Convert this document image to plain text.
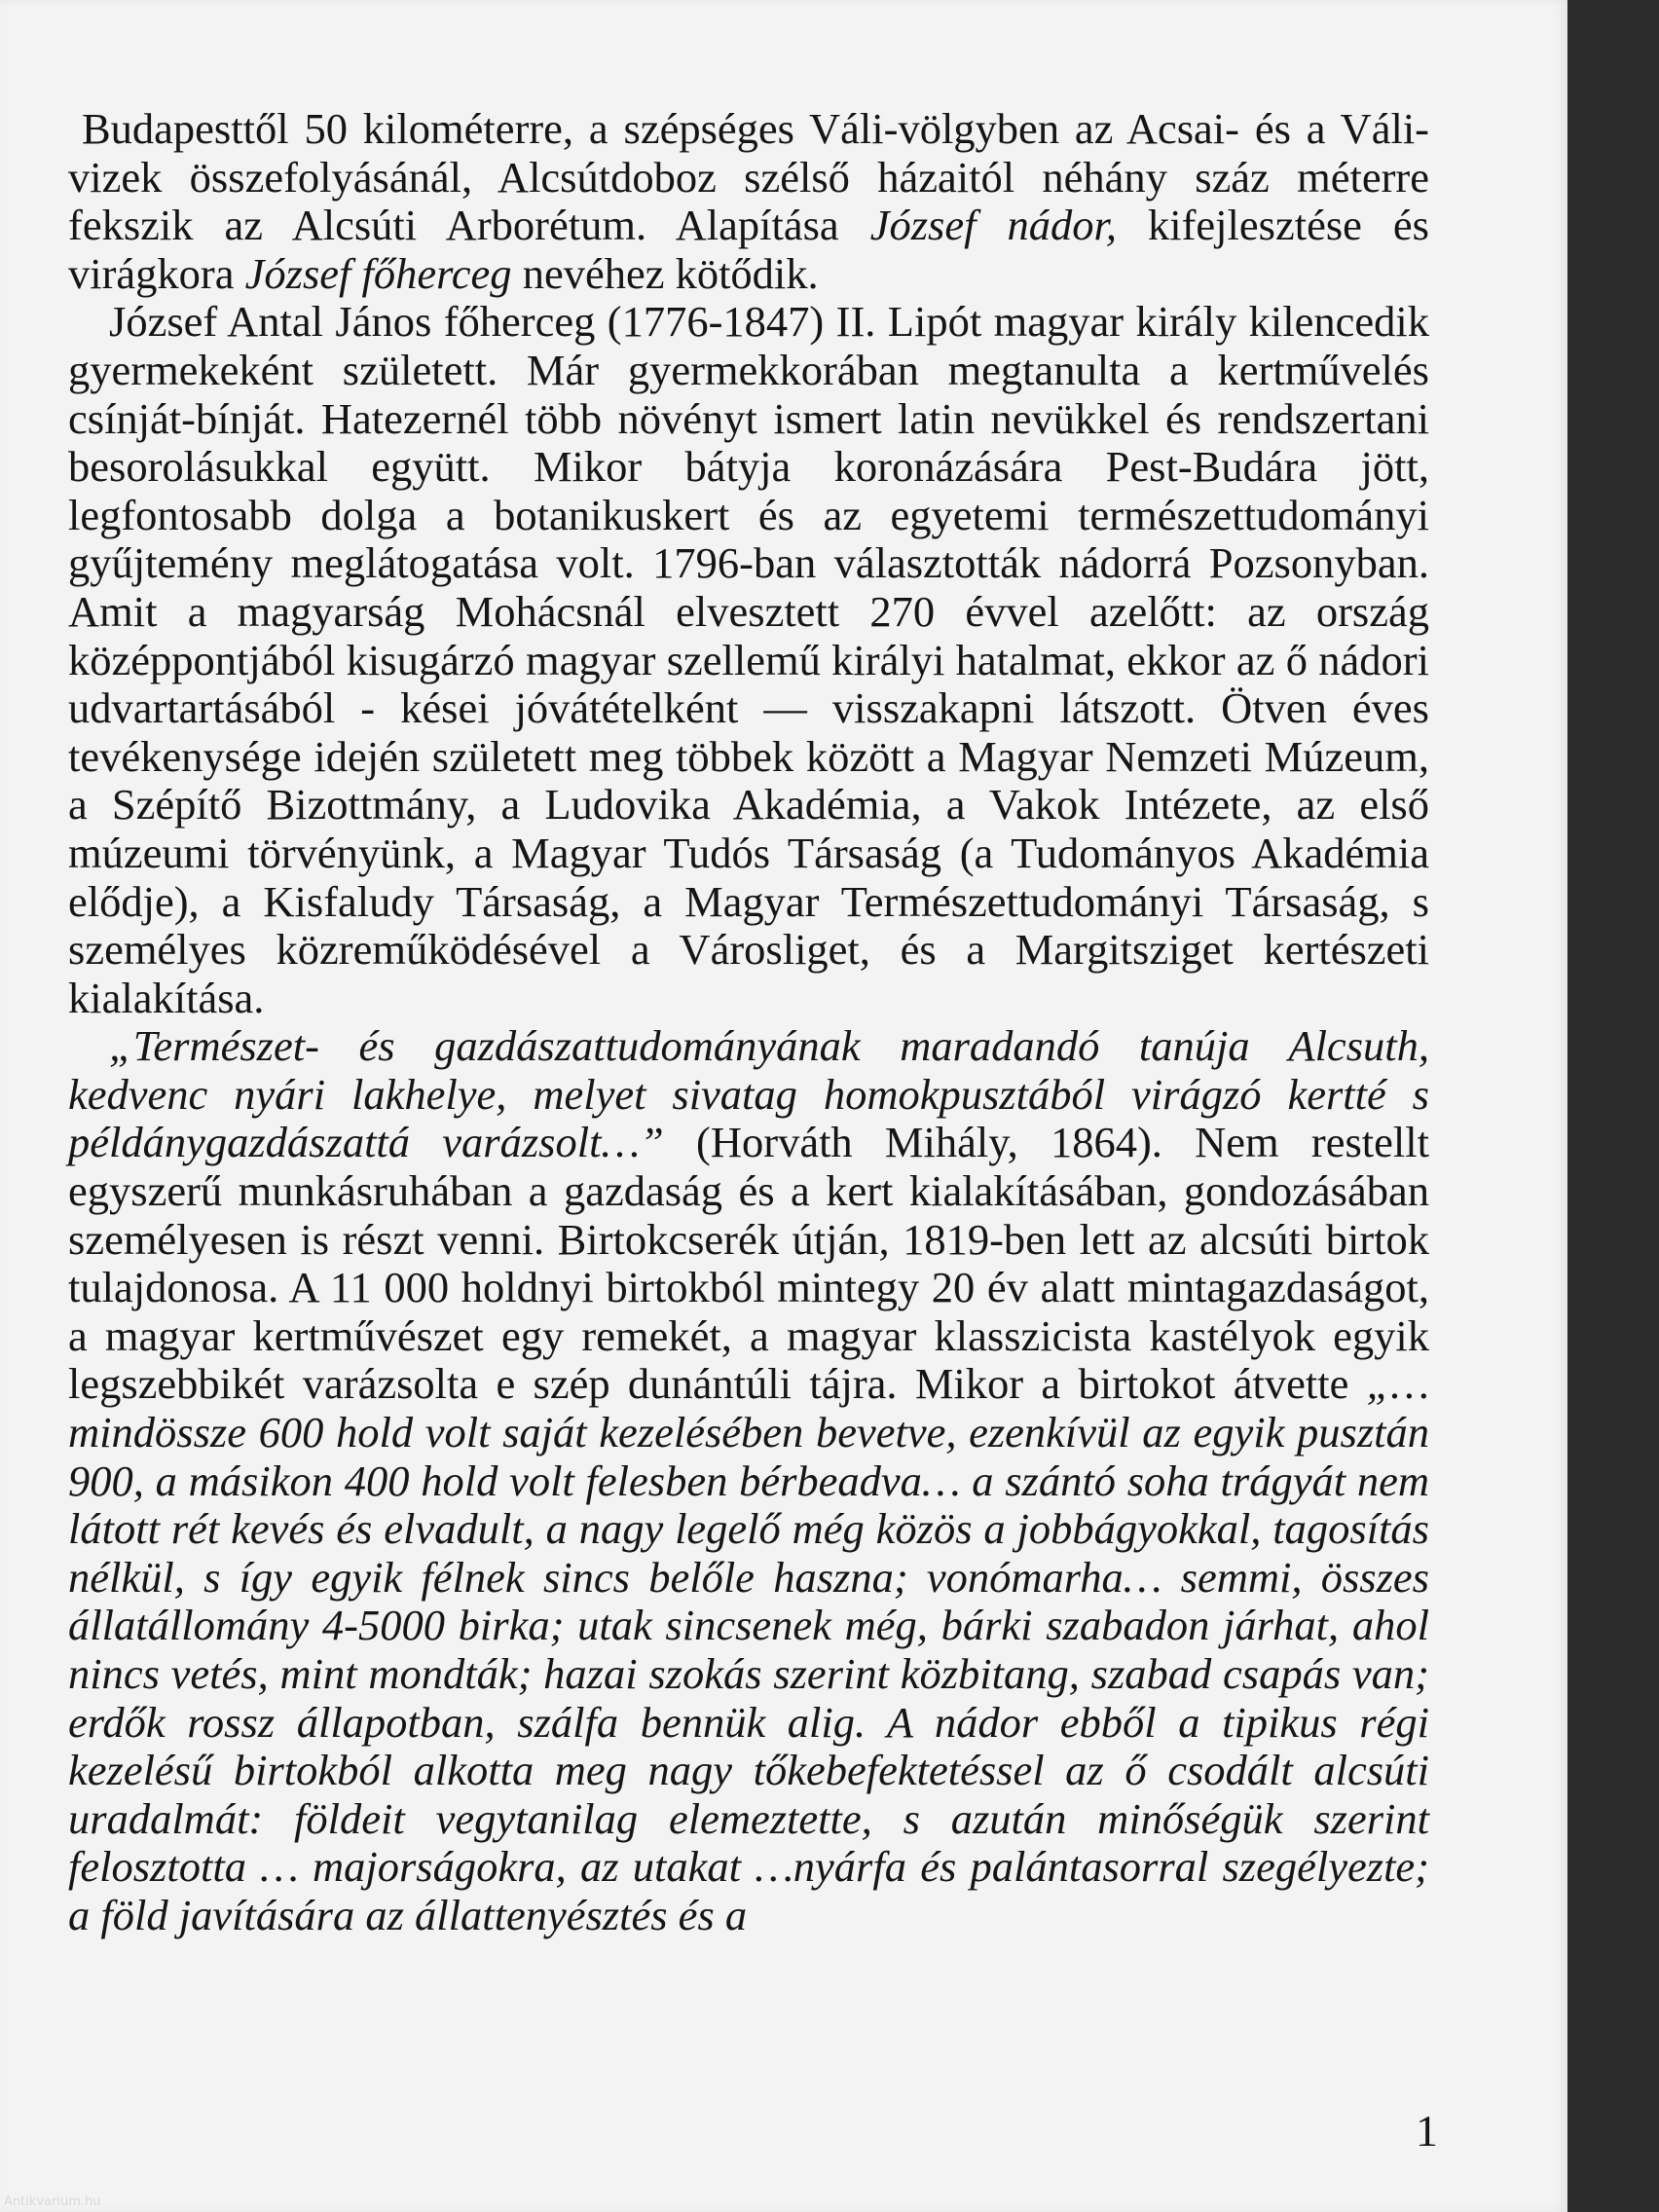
Budapesttől 50 kilométerre, a szépséges Váli-völgyben az Acsai- és a Váli-vizek összefolyásánál, Alcsútdoboz szélső házaitól néhány száz méterre fekszik az Alcsúti Arborétum. Alapítása József nádor, kifejlesztése és virágkora József főherceg nevéhez kötődik.

József Antal János főherceg (1776-1847) II. Lipót magyar király kilencedik gyermekeként született. Már gyermekkorában megtanulta a kertművelés csínját-bínját. Hatezernél több növényt ismert latin nevükkel és rendszertani besorolásukkal együtt. Mikor bátyja koronázására Pest-Budára jött, legfontosabb dolga a botanikuskert és az egyetemi természettudományi gyűjtemény meglátogatása volt. 1796-ban választották nádorrá Pozsonyban. Amit a magyarság Mohácsnál elvesztett 270 évvel azelőtt: az ország középpontjából kisugárzó magyar szellemű királyi hatalmat, ekkor az ő nádori udvartartásából - kései jóvátételként — visszakapni látszott. Ötven éves tevékenysége idején született meg többek között a Magyar Nemzeti Múzeum, a Szépítő Bizottmány, a Ludovika Akadémia, a Vakok Intézete, az első múzeumi törvényünk, a Magyar Tudós Társaság (a Tudományos Akadémia elődje), a Kisfaludy Társaság, a Magyar Természettudományi Társaság, s személyes közreműködésével a Városliget, és a Margitsziget kertészeti kialakítása.

„Természet- és gazdászattudományának maradandó tanúja Alcsuth, kedvenc nyári lakhelye, melyet sivatag homokpusztából virágzó kertté s példánygazdászattá varázsolt…” (Horváth Mihály, 1864). Nem restellt egyszerű munkásruhában a gazdaság és a kert kialakításában, gondozásában személyesen is részt venni. Birtokcserék útján, 1819-ben lett az alcsúti birtok tulajdonosa. A 11 000 holdnyi birtokból mintegy 20 év alatt mintagazdaságot, a magyar kertművészet egy remekét, a magyar klasszicista kastélyok egyik legszebbikét varázsolta e szép dunántúli tájra. Mikor a birtokot átvette „… mindössze 600 hold volt saját kezelésében bevetve, ezenkívül az egyik pusztán 900, a másikon 400 hold volt felesben bérbeadva… a szántó soha trágyát nem látott rét kevés és elvadult, a nagy legelő még közös a jobbágyokkal, tagosítás nélkül, s így egyik félnek sincs belőle haszna; vonómarha… semmi, összes állatállomány 4-5000 birka; utak sincsenek még, bárki szabadon járhat, ahol nincs vetés, mint mondták; hazai szokás szerint közbitang, szabad csapás van; erdők rossz állapotban, szálfa bennük alig. A nádor ebből a tipikus régi kezelésű birtokból alkotta meg nagy tőkebefektetéssel az ő csodált alcsúti uradalmát: földeit vegytanilag elemeztette, s azután minőségük szerint felosztotta … majorságokra, az utakat …nyárfa és palántasorral szegélyezte; a föld javítására az állattenyésztés és a

1
Antikvarium.hu
